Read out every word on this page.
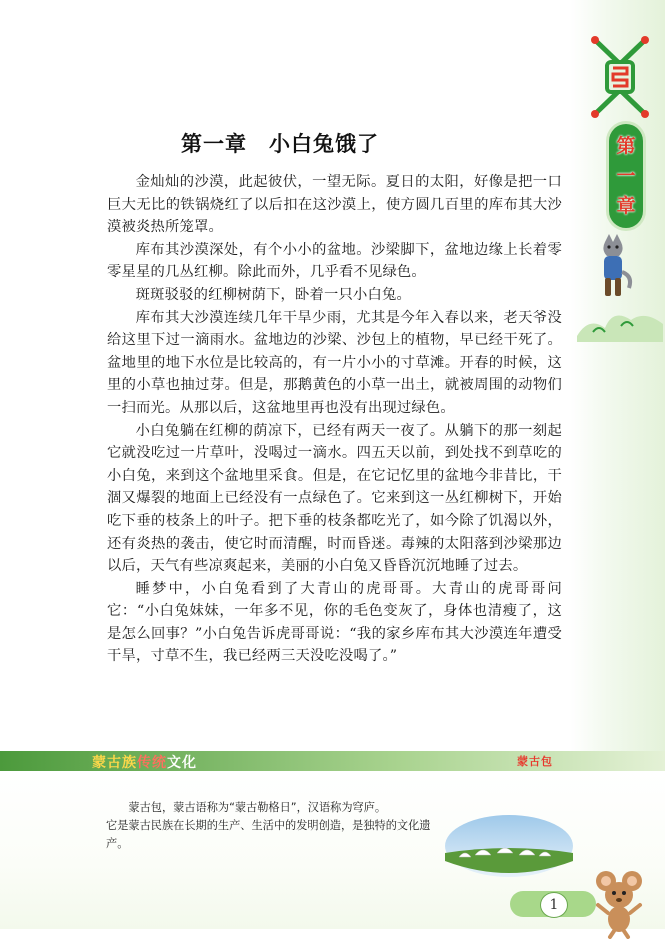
第
一
章
第一章　小白兔饿了

金灿灿的沙漠，此起彼伏，一望无际。夏日的太阳，好像是把一口巨大无比的铁锅烧红了以后扣在这沙漠上，使方圆几百里的库布其大沙漠被炎热所笼罩。

库布其沙漠深处，有个小小的盆地。沙梁脚下，盆地边缘上长着零零星星的几丛红柳。除此而外，几乎看不见绿色。

斑斑驳驳的红柳树荫下，卧着一只小白兔。

库布其大沙漠连续几年干旱少雨，尤其是今年入春以来，老天爷没给这里下过一滴雨水。盆地边的沙梁、沙包上的植物，早已经干死了。盆地里的地下水位是比较高的，有一片小小的寸草滩。开春的时候，这里的小草也抽过芽。但是，那鹅黄色的小草一出土，就被周围的动物们一扫而光。从那以后，这盆地里再也没有出现过绿色。

小白兔躺在红柳的荫凉下，已经有两天一夜了。从躺下的那一刻起它就没吃过一片草叶，没喝过一滴水。四五天以前，到处找不到草吃的小白兔，来到这个盆地里采食。但是，在它记忆里的盆地今非昔比，干涸又爆裂的地面上已经没有一点绿色了。它来到这一丛红柳树下，开始吃下垂的枝条上的叶子。把下垂的枝条都吃光了，如今除了饥渴以外，还有炎热的袭击，使它时而清醒，时而昏迷。毒辣的太阳落到沙梁那边以后，天气有些凉爽起来，美丽的小白兔又昏昏沉沉地睡了过去。

睡梦中，小白兔看到了大青山的虎哥哥。大青山的虎哥哥问它：“小白兔妹妹，一年多不见，你的毛色变灰了，身体也清瘦了，这是怎么回事？”小白兔告诉虎哥哥说：“我的家乡库布其大沙漠连年遭受干旱，寸草不生，我已经两三天没吃没喝了。”

蒙古族传统文化	蒙古包

蒙古包，蒙古语称为“蒙古勒格日”，汉语称为穹庐。

它是蒙古民族在长期的生产、生活中的发明创造，是独特的文化遗产。

1
